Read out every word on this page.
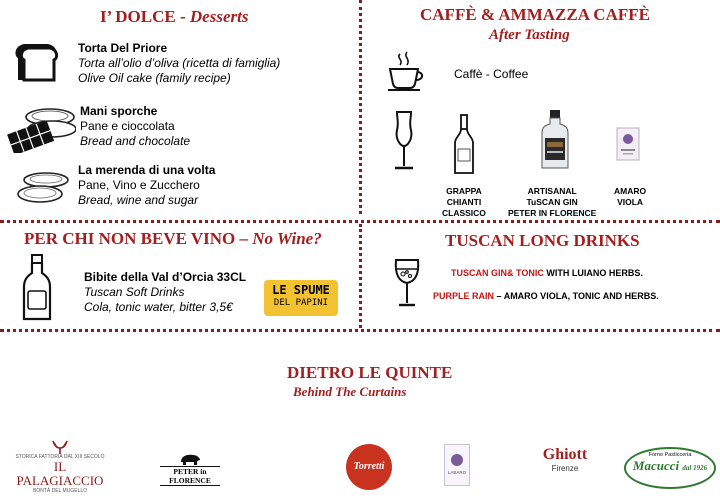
I’ DOLCE - Desserts
Torta Del Priore
Torta all’olio d’oliva (ricetta di famiglia)
Olive Oil cake (family recipe)
Mani sporche
Pane e cioccolata
Bread and chocolate
La merenda di una volta
Pane, Vino e Zucchero
Bread, wine and sugar
CAFFÈ & AMMAZZA CAFFÈ
After Tasting
Caffè - Coffee
GRAPPA
CHIANTI
CLASSICO
ARTISANAL
TuSCAN GIN
PETER IN FLORENCE
AMARO
VIOLA
PER CHI NON BEVE VINO – No Wine?
Bibite della Val d’Orcia 33CL
Tuscan Soft Drinks
Cola, tonic water, bitter 3,5€
LE SPUME
DEL PAPINI
TUSCAN LONG DRINKS
TUSCAN GIN& TONIC WITH LUIANO HERBS.
PURPLE RAIN – AMARO VIOLA, TONIC AND HERBS.
DIETRO LE QUINTE
Behind The Curtains
STORICA FATTORIA DAL XIII SECOLO
IL PALAGIACCIO
BONTÀ DEL MUGELLO
PETER in FLORENCE
Torretti
LABARO
Ghiott
Firenze
Forno Pasticceria
Macucci dal 1926
